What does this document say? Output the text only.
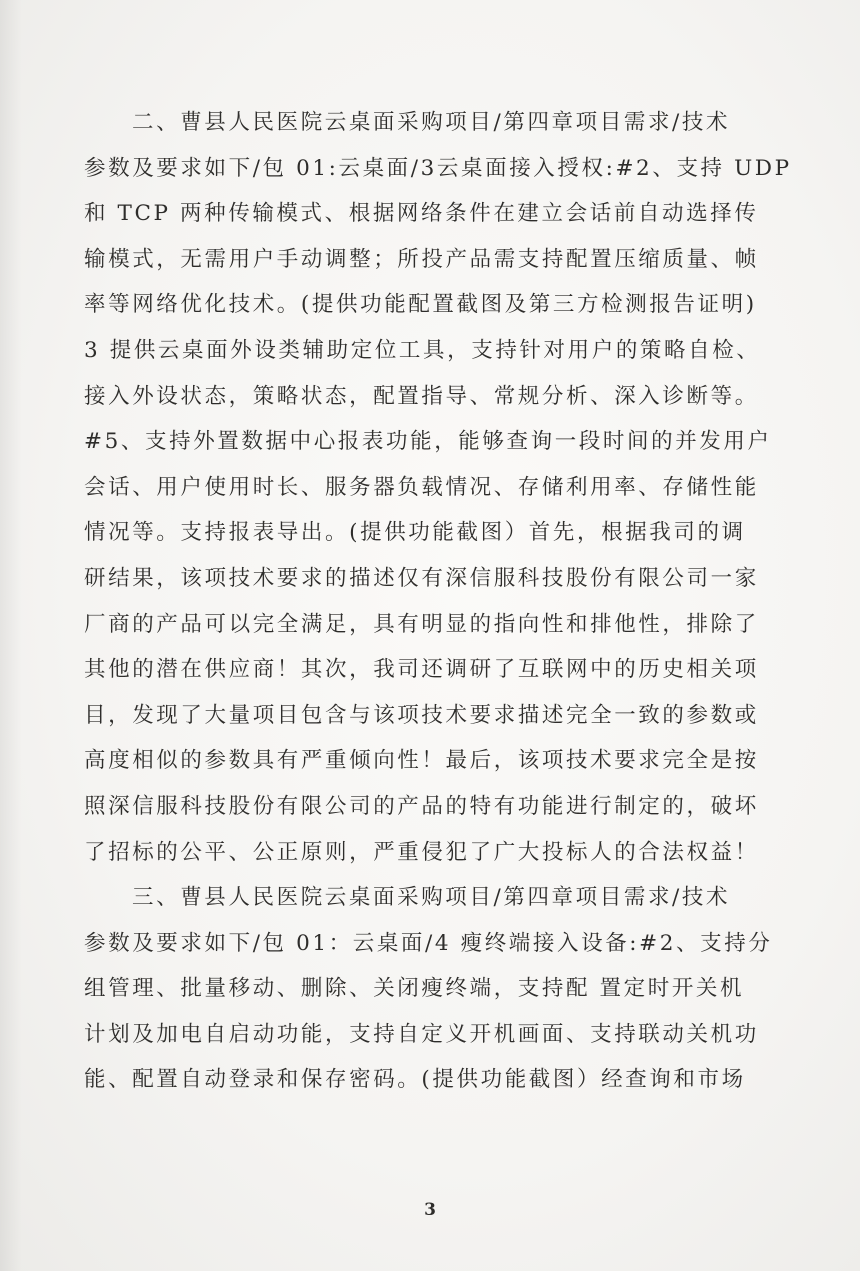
二、曹县人民医院云桌面采购项目/第四章项目需求/技术
参数及要求如下/包 01:云桌面/3云桌面接入授权:#2、支持 UDP
和 TCP 两种传输模式、根据网络条件在建立会话前自动选择传
输模式，无需用户手动调整；所投产品需支持配置压缩质量、帧
率等网络优化技术。(提供功能配置截图及第三方检测报告证明)
3 提供云桌面外设类辅助定位工具，支持针对用户的策略自检、
接入外设状态，策略状态，配置指导、常规分析、深入诊断等。
#5、支持外置数据中心报表功能，能够查询一段时间的并发用户
会话、用户使用时长、服务器负载情况、存储利用率、存储性能
情况等。支持报表导出。(提供功能截图）首先，根据我司的调
研结果，该项技术要求的描述仅有深信服科技股份有限公司一家
厂商的产品可以完全满足，具有明显的指向性和排他性，排除了
其他的潜在供应商！其次，我司还调研了互联网中的历史相关项
目，发现了大量项目包含与该项技术要求描述完全一致的参数或
高度相似的参数具有严重倾向性！最后，该项技术要求完全是按
照深信服科技股份有限公司的产品的特有功能进行制定的，破坏
了招标的公平、公正原则，严重侵犯了广大投标人的合法权益！
三、曹县人民医院云桌面采购项目/第四章项目需求/技术
参数及要求如下/包 01：云桌面/4 瘦终端接入设备:#2、支持分
组管理、批量移动、删除、关闭瘦终端，支持配 置定时开关机
计划及加电自启动功能，支持自定义开机画面、支持联动关机功
能、配置自动登录和保存密码。(提供功能截图）经查询和市场
3
